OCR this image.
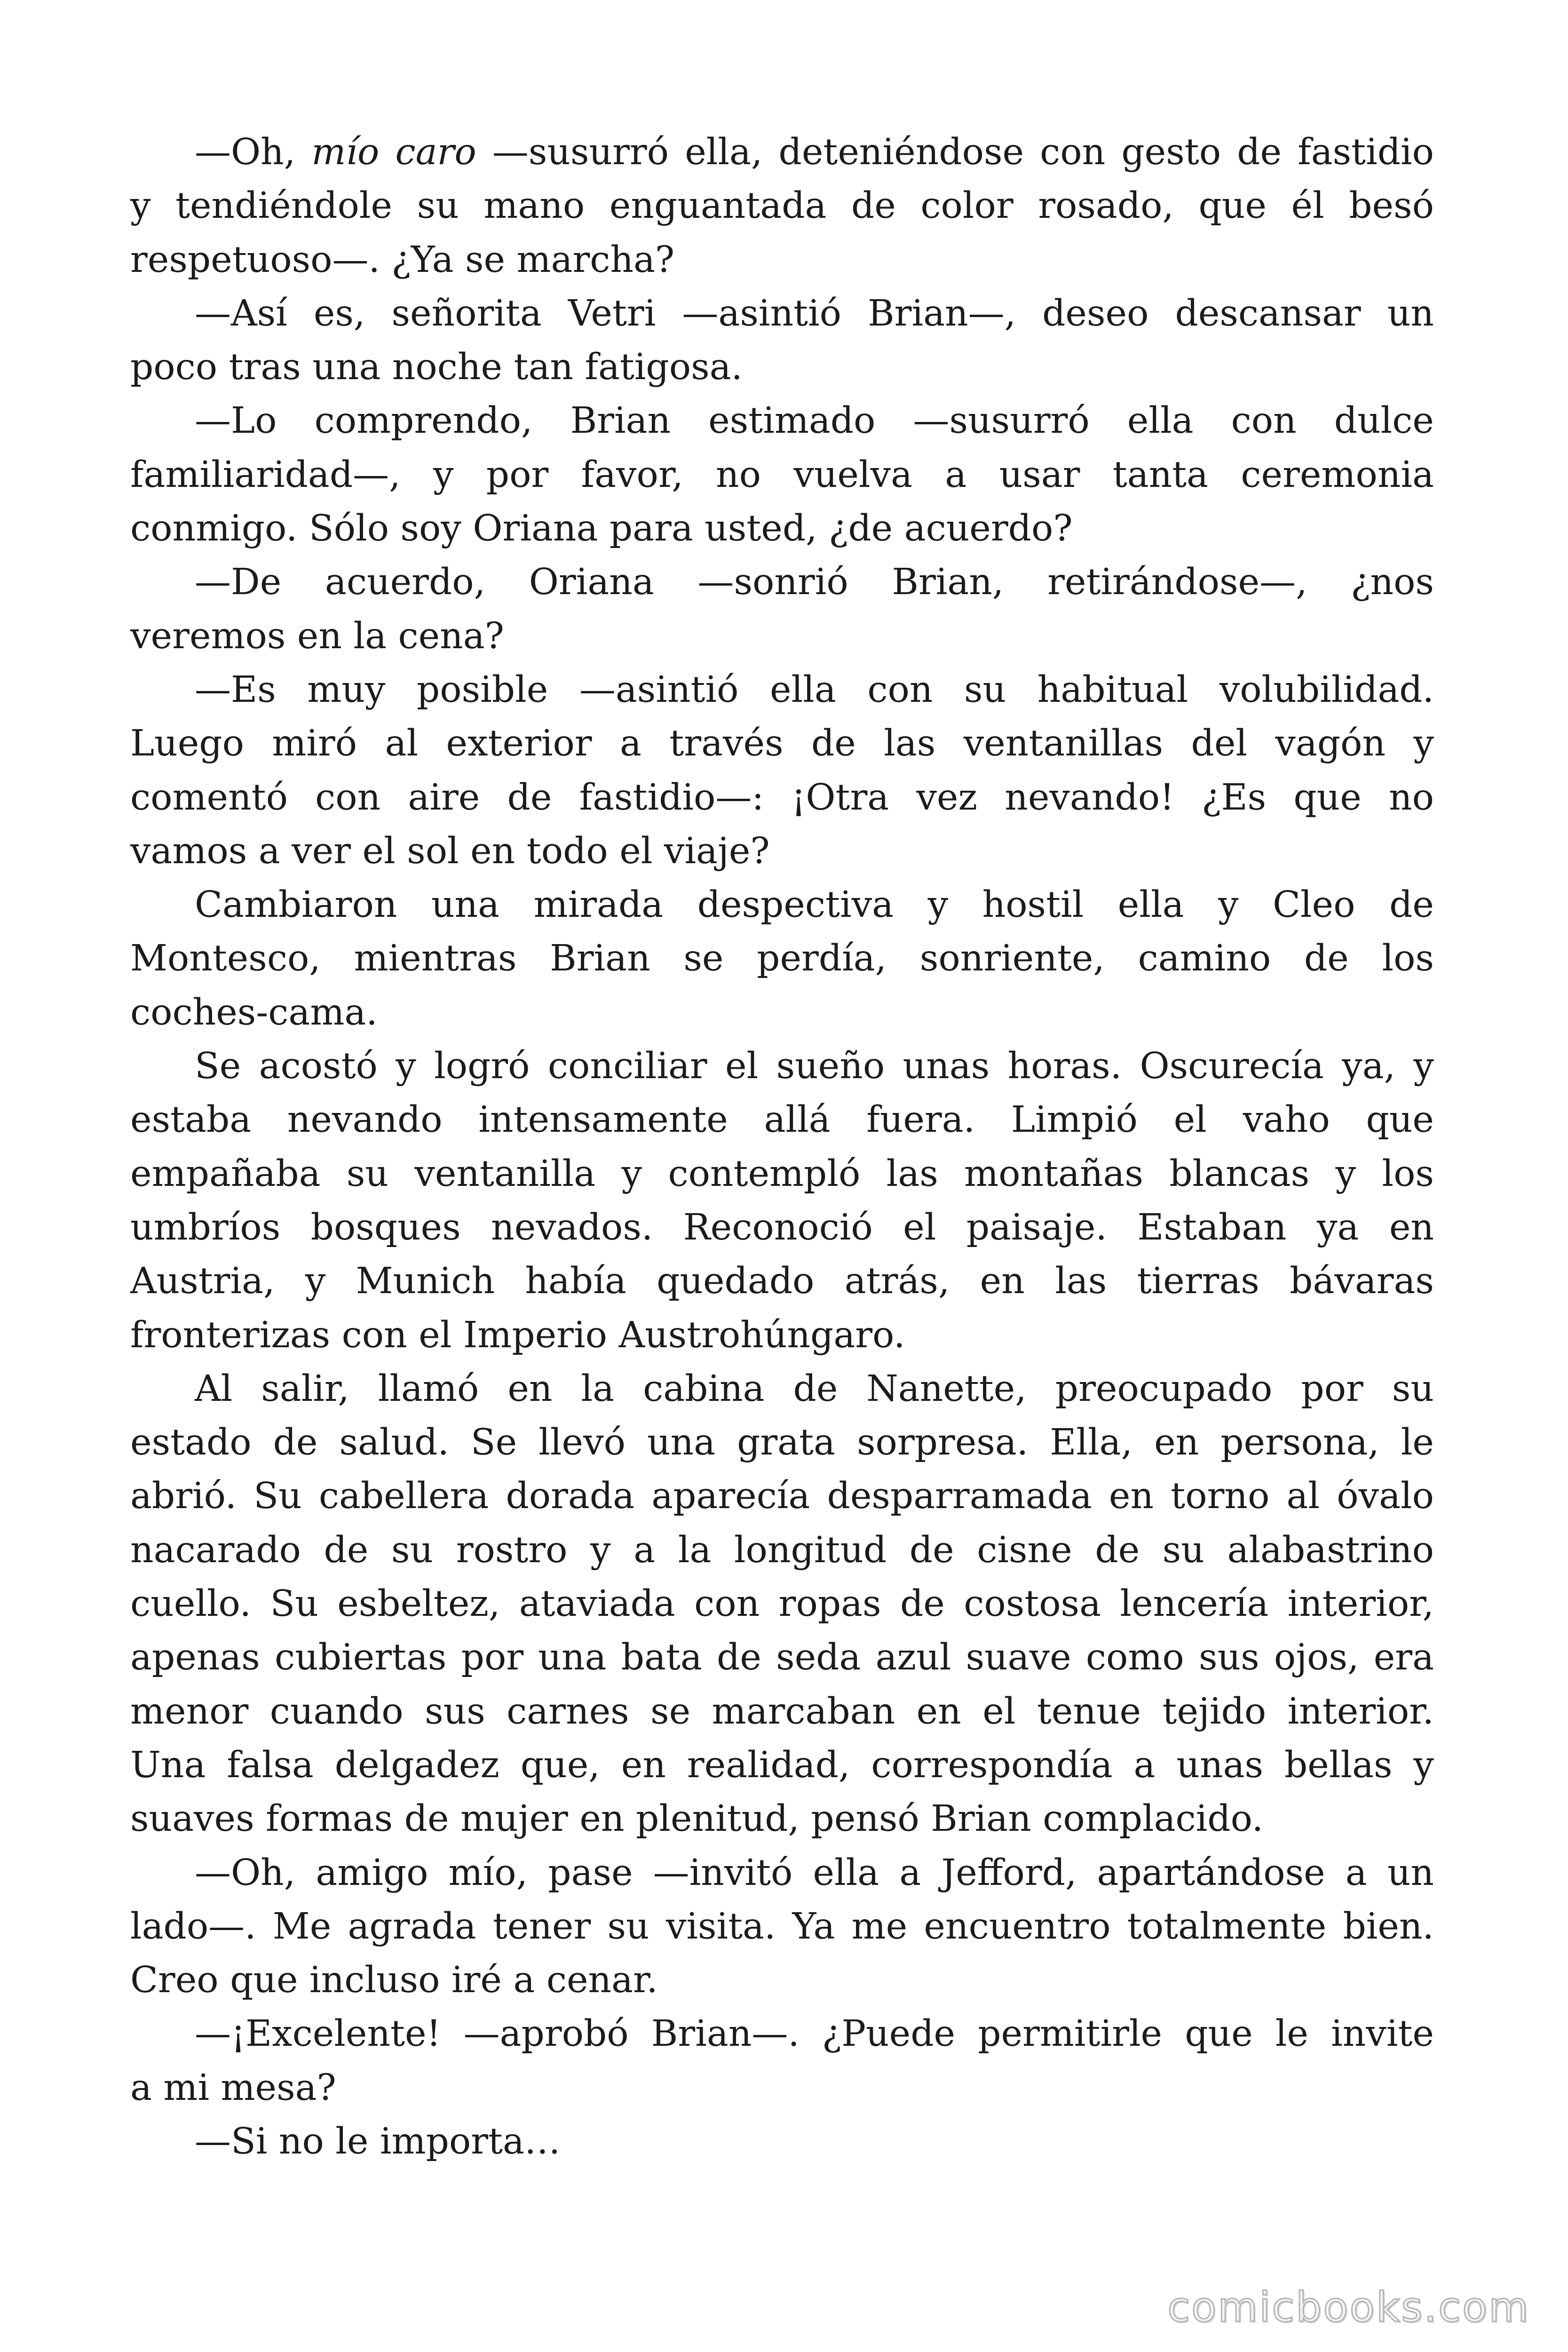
—Oh, mío caro —susurró ella, deteniéndose con gesto de fastidio
y tendiéndole su mano enguantada de color rosado, que él besó
respetuoso—. ¿Ya se marcha?
—Así es, señorita Vetri —asintió Brian—, deseo descansar un
poco tras una noche tan fatigosa.
—Lo comprendo, Brian estimado —susurró ella con dulce
familiaridad—, y por favor, no vuelva a usar tanta ceremonia
conmigo. Sólo soy Oriana para usted, ¿de acuerdo?
—De acuerdo, Oriana —sonrió Brian, retirándose—, ¿nos
veremos en la cena?
—Es muy posible —asintió ella con su habitual volubilidad.
Luego miró al exterior a través de las ventanillas del vagón y
comentó con aire de fastidio—: ¡Otra vez nevando! ¿Es que no
vamos a ver el sol en todo el viaje?
Cambiaron una mirada despectiva y hostil ella y Cleo de
Montesco, mientras Brian se perdía, sonriente, camino de los
coches-cama.
Se acostó y logró conciliar el sueño unas horas. Oscurecía ya, y
estaba nevando intensamente allá fuera. Limpió el vaho que
empañaba su ventanilla y contempló las montañas blancas y los
umbríos bosques nevados. Reconoció el paisaje. Estaban ya en
Austria, y Munich había quedado atrás, en las tierras bávaras
fronterizas con el Imperio Austrohúngaro.
Al salir, llamó en la cabina de Nanette, preocupado por su
estado de salud. Se llevó una grata sorpresa. Ella, en persona, le
abrió. Su cabellera dorada aparecía desparramada en torno al óvalo
nacarado de su rostro y a la longitud de cisne de su alabastrino
cuello. Su esbeltez, ataviada con ropas de costosa lencería interior,
apenas cubiertas por una bata de seda azul suave como sus ojos, era
menor cuando sus carnes se marcaban en el tenue tejido interior.
Una falsa delgadez que, en realidad, correspondía a unas bellas y
suaves formas de mujer en plenitud, pensó Brian complacido.
—Oh, amigo mío, pase —invitó ella a Jefford, apartándose a un
lado—. Me agrada tener su visita. Ya me encuentro totalmente bien.
Creo que incluso iré a cenar.
—¡Excelente! —aprobó Brian—. ¿Puede permitirle que le invite
a mi mesa?
—Si no le importa…
comicbooks.com
